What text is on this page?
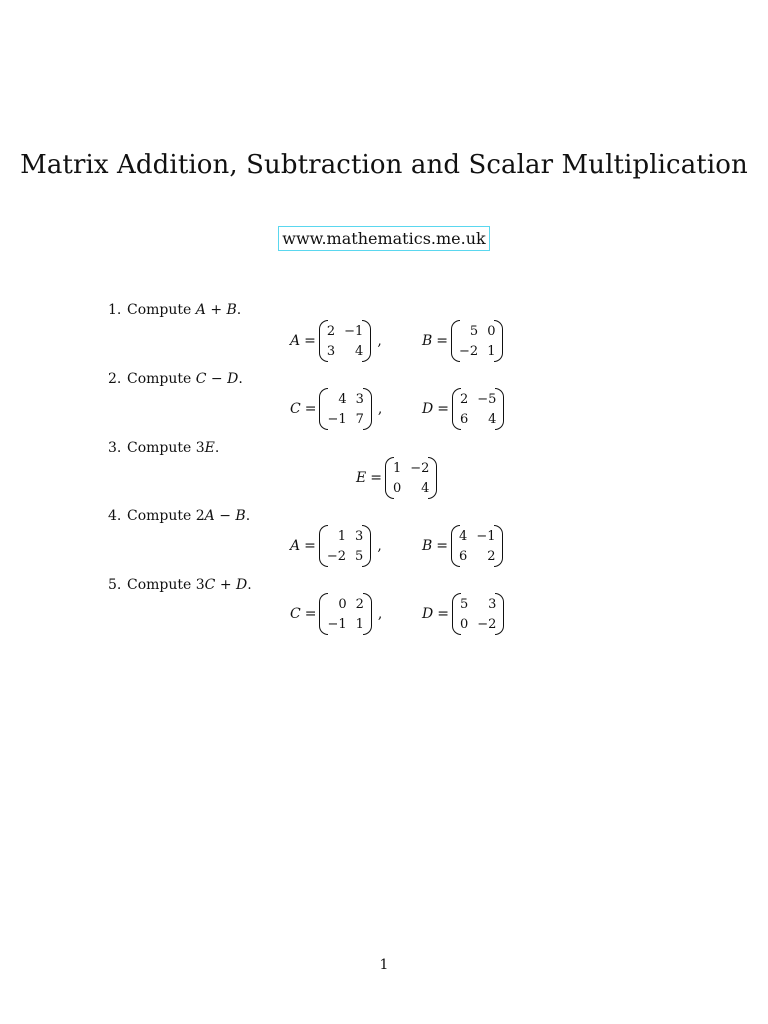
Matrix Addition, Subtraction and Scalar Multiplication
www.mathematics.me.uk
1. Compute A + B.
A =
2 −1
3	4
,	B =
5 0
−2 1
2. Compute C − D.
C =
4 3
−1 7
,	D =
2 −5
6	4
3. Compute 3E.
E =
1 −2
0	4
4. Compute 2A − B.
A =
1 3
−2 5
,	B =
4 −1
6	2
5. Compute 3C + D.
C =
0 2
−1 1
,	D =
5	3
0 −2
1
